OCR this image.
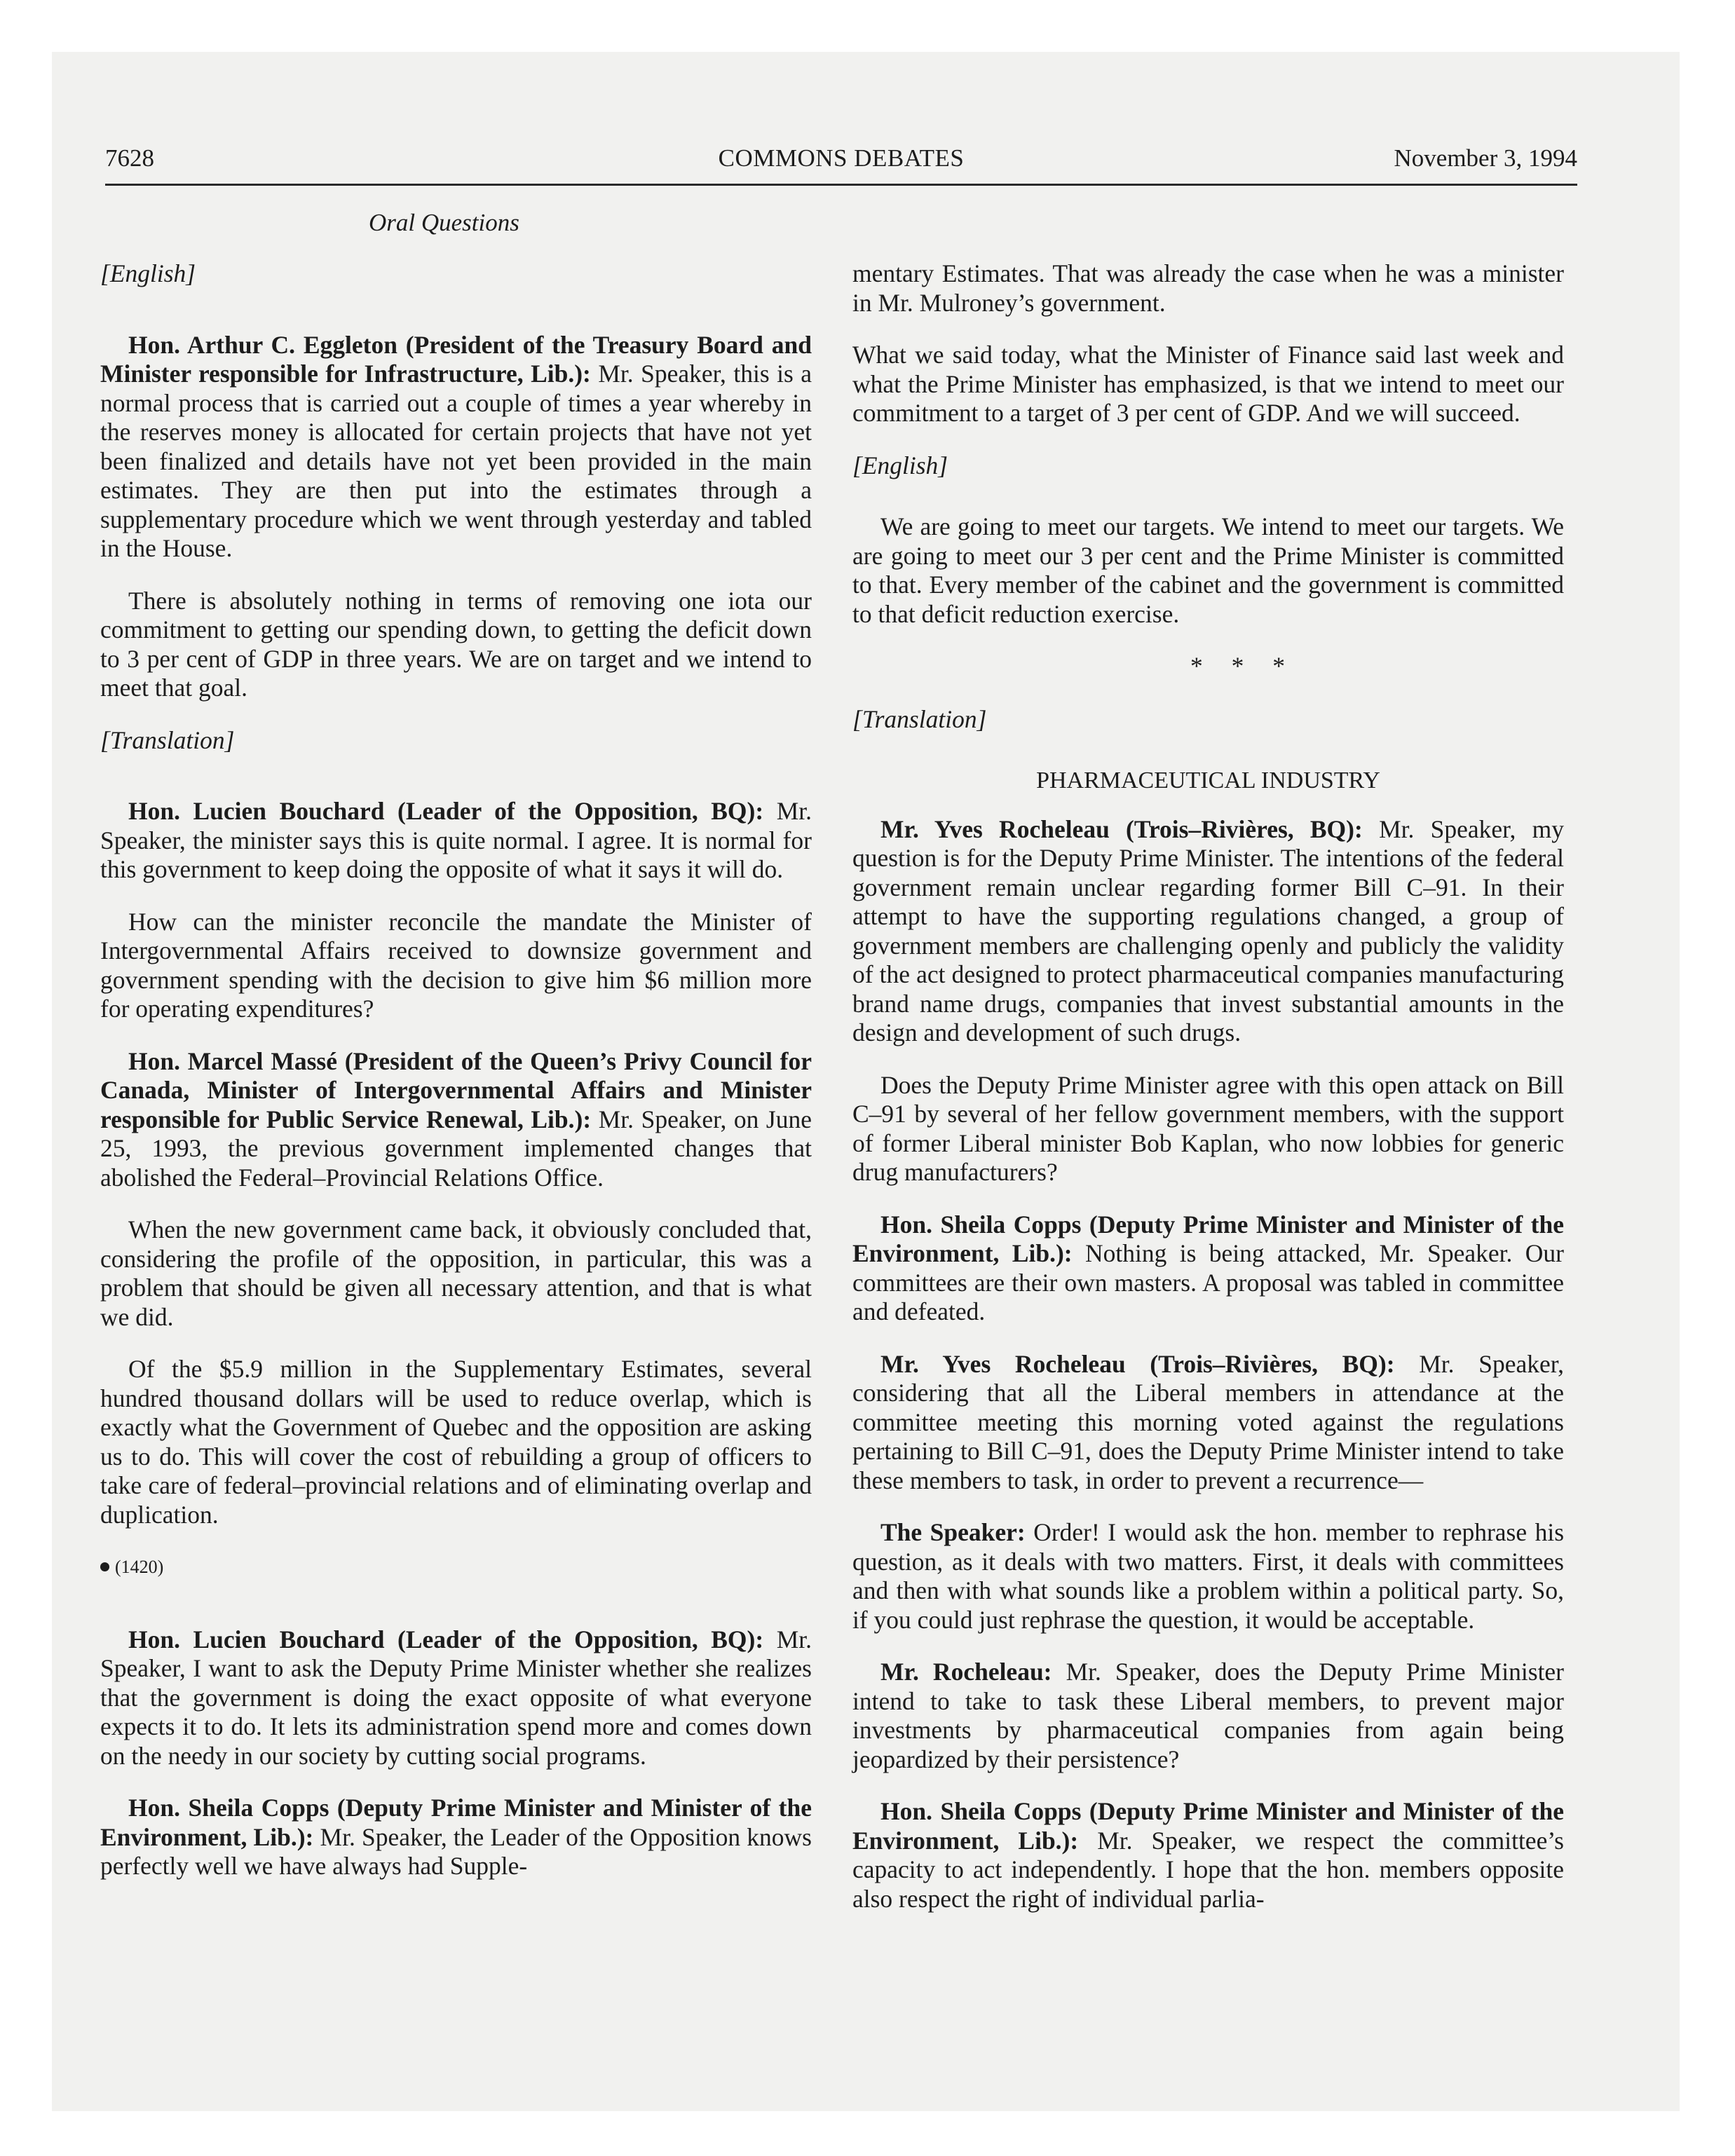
7628	COMMONS DEBATES	November 3, 1994
Oral Questions

[English]

Hon. Arthur C. Eggleton (President of the Treasury Board and Minister responsible for Infrastructure, Lib.): Mr. Speaker, this is a normal process that is carried out a couple of times a year whereby in the reserves money is allocated for certain projects that have not yet been finalized and details have not yet been provided in the main estimates. They are then put into the estimates through a supplementary procedure which we went through yesterday and tabled in the House.

There is absolutely nothing in terms of removing one iota our commitment to getting our spending down, to getting the deficit down to 3 per cent of GDP in three years. We are on target and we intend to meet that goal.

[Translation]

Hon. Lucien Bouchard (Leader of the Opposition, BQ): Mr. Speaker, the minister says this is quite normal. I agree. It is normal for this government to keep doing the opposite of what it says it will do.

How can the minister reconcile the mandate the Minister of Intergovernmental Affairs received to downsize government and government spending with the decision to give him $6 million more for operating expenditures?

Hon. Marcel Massé (President of the Queen’s Privy Council for Canada, Minister of Intergovernmental Affairs and Minister responsible for Public Service Renewal, Lib.): Mr. Speaker, on June 25, 1993, the previous government implemented changes that abolished the Federal–Provincial Relations Office.

When the new government came back, it obviously concluded that, considering the profile of the opposition, in particular, this was a problem that should be given all necessary attention, and that is what we did.

Of the $5.9 million in the Supplementary Estimates, several hundred thousand dollars will be used to reduce overlap, which is exactly what the Government of Quebec and the opposition are asking us to do. This will cover the cost of rebuilding a group of officers to take care of federal–provincial relations and of eliminating overlap and duplication.

(1420)

Hon. Lucien Bouchard (Leader of the Opposition, BQ): Mr. Speaker, I want to ask the Deputy Prime Minister whether she realizes that the government is doing the exact opposite of what everyone expects it to do. It lets its administration spend more and comes down on the needy in our society by cutting social programs.

Hon. Sheila Copps (Deputy Prime Minister and Minister of the Environment, Lib.): Mr. Speaker, the Leader of the Opposition knows perfectly well we have always had Supple-

mentary Estimates. That was already the case when he was a minister in Mr. Mulroney’s government.

What we said today, what the Minister of Finance said last week and what the Prime Minister has emphasized, is that we intend to meet our commitment to a target of 3 per cent of GDP. And we will succeed.

[English]

We are going to meet our targets. We intend to meet our targets. We are going to meet our 3 per cent and the Prime Minister is committed to that. Every member of the cabinet and the government is committed to that deficit reduction exercise.

* * *

[Translation]

PHARMACEUTICAL INDUSTRY

Mr. Yves Rocheleau (Trois–Rivières, BQ): Mr. Speaker, my question is for the Deputy Prime Minister. The intentions of the federal government remain unclear regarding former Bill C–91. In their attempt to have the supporting regulations changed, a group of government members are challenging openly and publicly the validity of the act designed to protect pharmaceutical companies manufacturing brand name drugs, companies that invest substantial amounts in the design and development of such drugs.

Does the Deputy Prime Minister agree with this open attack on Bill C–91 by several of her fellow government members, with the support of former Liberal minister Bob Kaplan, who now lobbies for generic drug manufacturers?

Hon. Sheila Copps (Deputy Prime Minister and Minister of the Environment, Lib.): Nothing is being attacked, Mr. Speaker. Our committees are their own masters. A proposal was tabled in committee and defeated.

Mr. Yves Rocheleau (Trois–Rivières, BQ): Mr. Speaker, considering that all the Liberal members in attendance at the committee meeting this morning voted against the regulations pertaining to Bill C–91, does the Deputy Prime Minister intend to take these members to task, in order to prevent a recurrence—

The Speaker: Order! I would ask the hon. member to rephrase his question, as it deals with two matters. First, it deals with committees and then with what sounds like a problem within a political party. So, if you could just rephrase the question, it would be acceptable.

Mr. Rocheleau: Mr. Speaker, does the Deputy Prime Minister intend to take to task these Liberal members, to prevent major investments by pharmaceutical companies from again being jeopardized by their persistence?

Hon. Sheila Copps (Deputy Prime Minister and Minister of the Environment, Lib.): Mr. Speaker, we respect the committee’s capacity to act independently. I hope that the hon. members opposite also respect the right of individual parlia-
